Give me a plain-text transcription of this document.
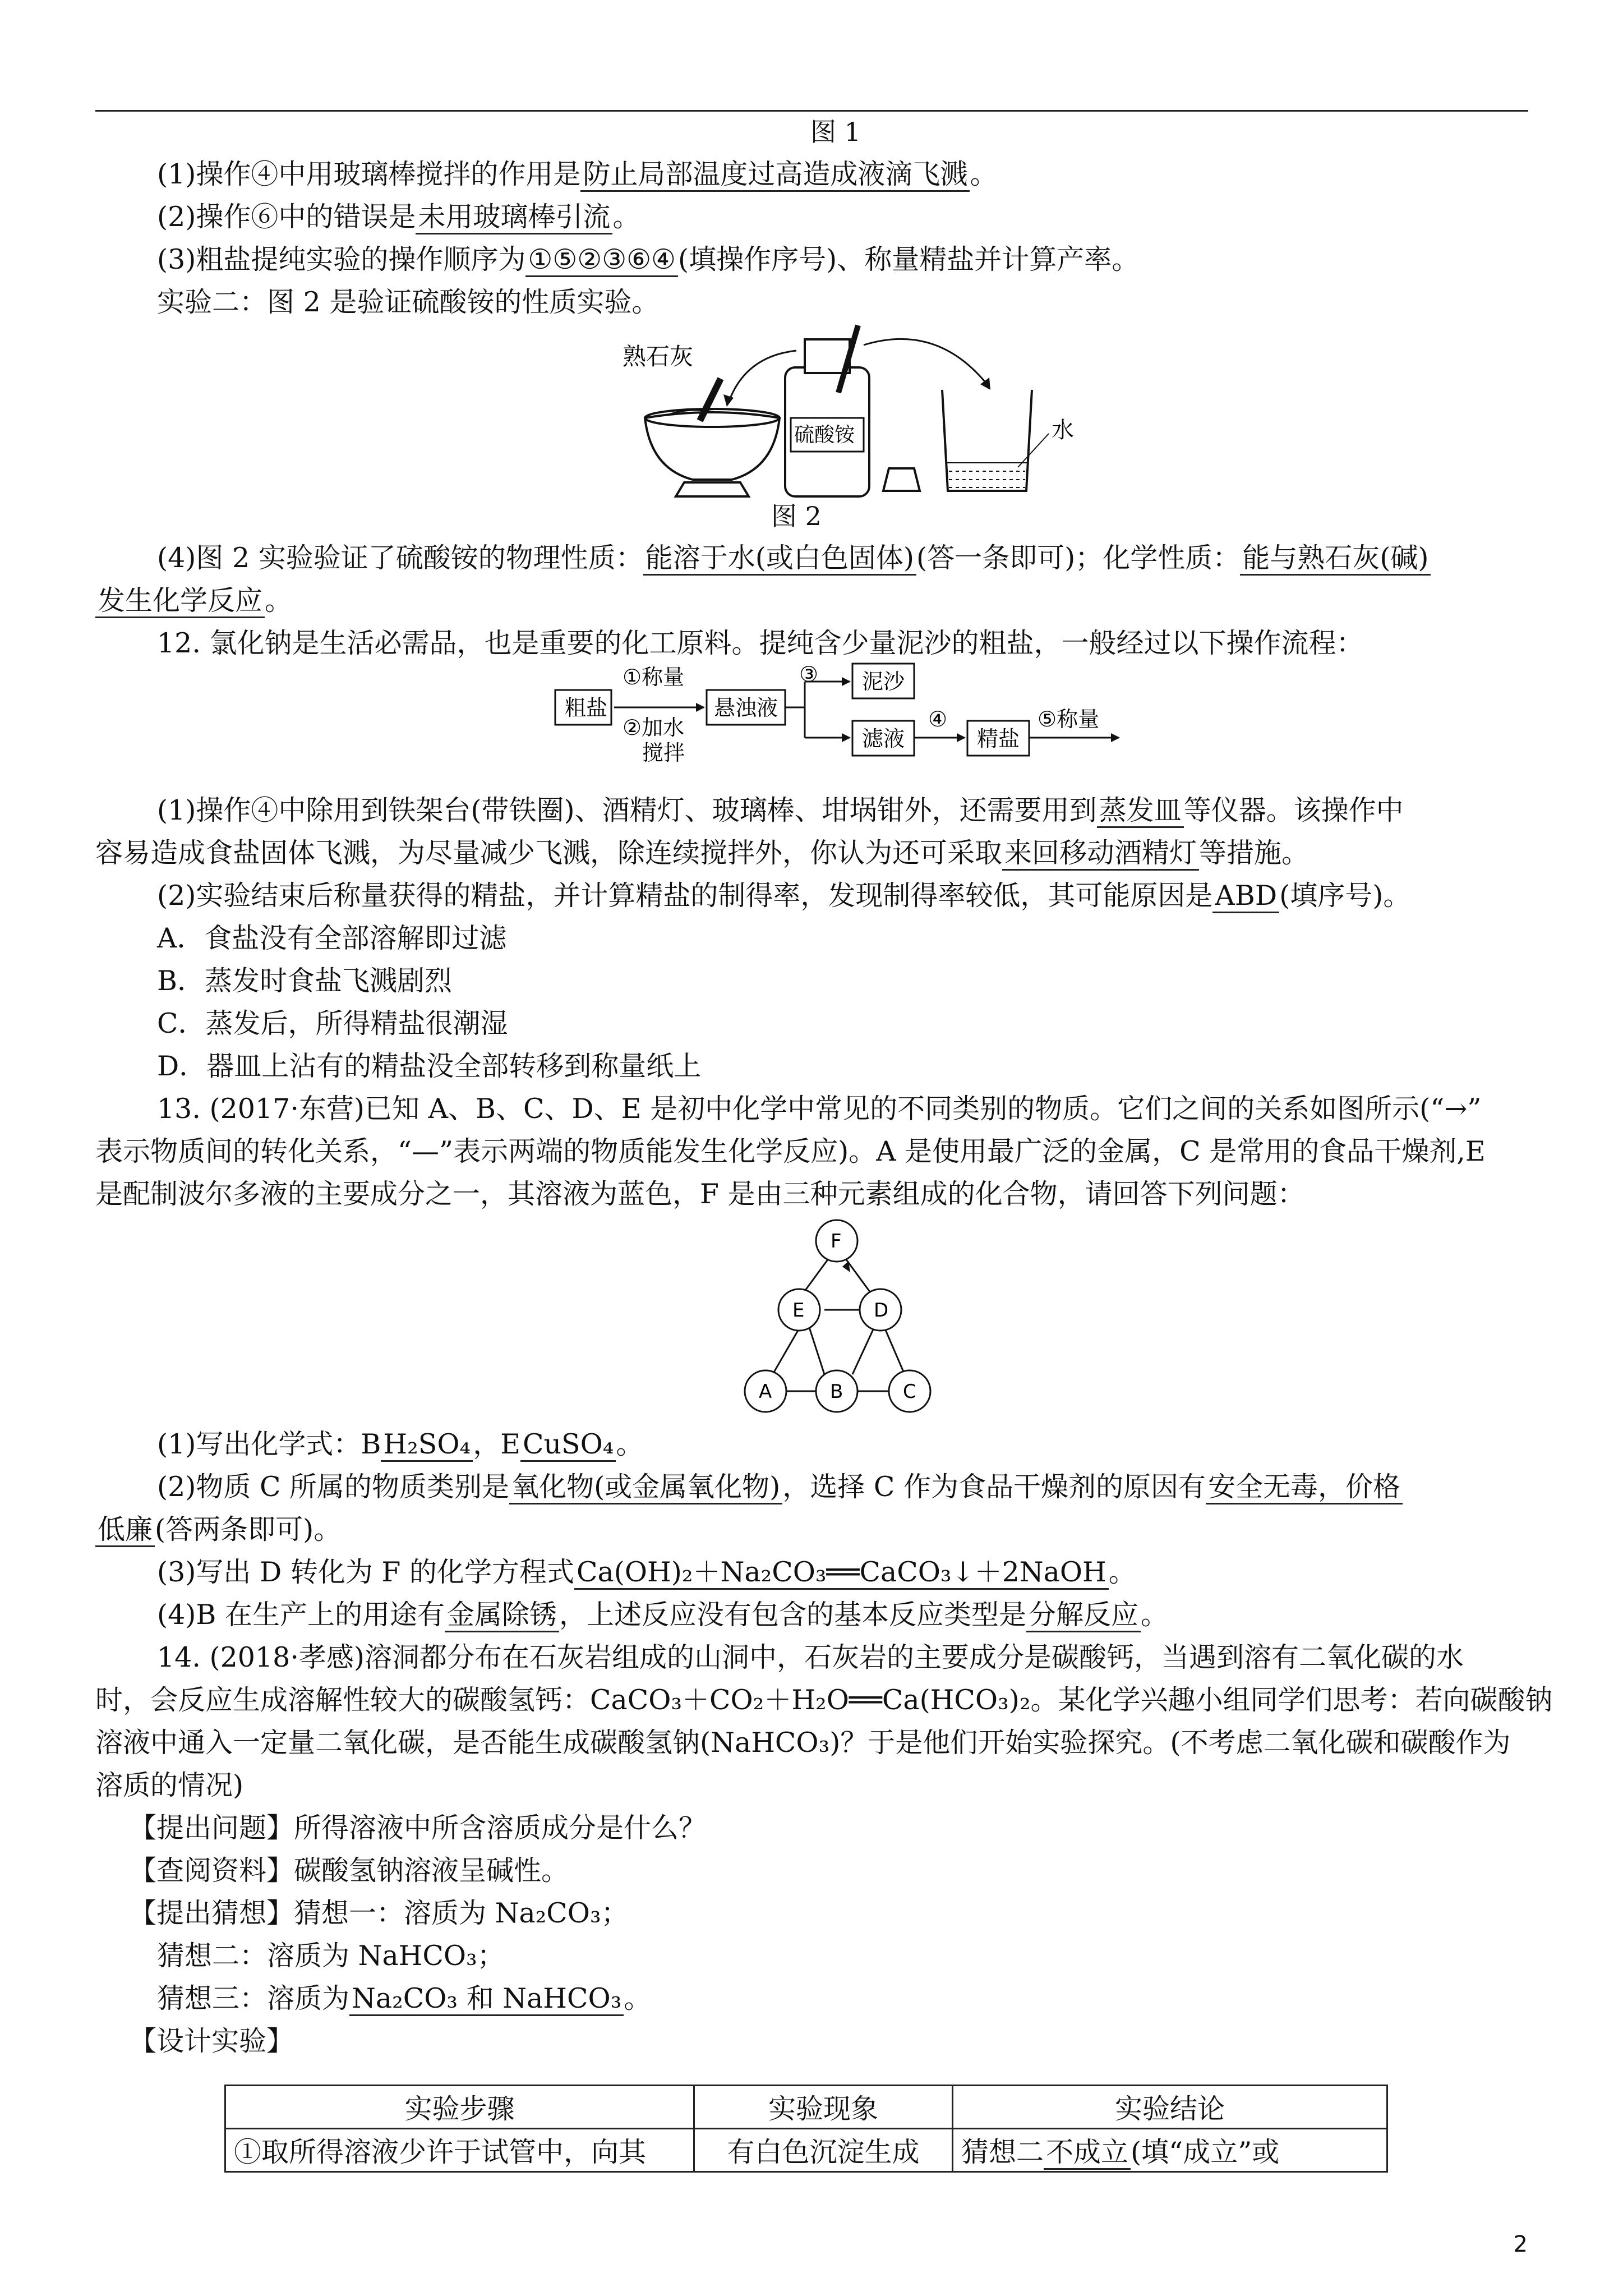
图 1
(1)操作④中用玻璃棒搅拌的作用是防止局部温度过高造成液滴飞溅。
(2)操作⑥中的错误是未用玻璃棒引流。
(3)粗盐提纯实验的操作顺序为①⑤②③⑥④(填操作序号)、称量精盐并计算产率。
实验二：图 2 是验证硫酸铵的性质实验。
熟石灰
硫酸铵	水
图 2
(4)图 2 实验验证了硫酸铵的物理性质：能溶于水(或白色固体)(答一条即可)；化学性质：能与熟石灰(碱)
发生化学反应。
12. 氯化钠是生活必需品，也是重要的化工原料。提纯含少量泥沙的粗盐，一般经过以下操作流程：
粗盐
①称量
②加水
搅拌
悬浊液
③ 泥沙
滤液
④
精盐
⑤称量
(1)操作④中除用到铁架台(带铁圈)、酒精灯、玻璃棒、坩埚钳外，还需要用到蒸发皿等仪器。该操作中
容易造成食盐固体飞溅，为尽量减少飞溅，除连续搅拌外，你认为还可采取来回移动酒精灯等措施。
(2)实验结束后称量获得的精盐，并计算精盐的制得率，发现制得率较低，其可能原因是ABD(填序号)。
A．食盐没有全部溶解即过滤
B．蒸发时食盐飞溅剧烈
C．蒸发后，所得精盐很潮湿
D．器皿上沾有的精盐没全部转移到称量纸上
13. (2017·东营)已知 A、B、C、D、E 是初中化学中常见的不同类别的物质。它们之间的关系如图所示(“→”
表示物质间的转化关系，“—”表示两端的物质能发生化学反应)。A 是使用最广泛的金属，C 是常用的食品干燥剂,E
是配制波尔多液的主要成分之一，其溶液为蓝色，F 是由三种元素组成的化合物，请回答下列问题：
F
E	D
A	B	C
(1)写出化学式：BH₂SO₄，ECuSO₄。
(2)物质 C 所属的物质类别是氧化物(或金属氧化物)，选择 C 作为食品干燥剂的原因有安全无毒，价格
低廉(答两条即可)。
(3)写出 D 转化为 F 的化学方程式Ca(OH)₂＋Na₂CO₃══CaCO₃↓＋2NaOH。
(4)B 在生产上的用途有金属除锈，上述反应没有包含的基本反应类型是分解反应。
14. (2018·孝感)溶洞都分布在石灰岩组成的山洞中，石灰岩的主要成分是碳酸钙，当遇到溶有二氧化碳的水
时，会反应生成溶解性较大的碳酸氢钙：CaCO₃＋CO₂＋H₂O══Ca(HCO₃)₂。某化学兴趣小组同学们思考：若向碳酸钠
溶液中通入一定量二氧化碳，是否能生成碳酸氢钠(NaHCO₃)？于是他们开始实验探究。(不考虑二氧化碳和碳酸作为
溶质的情况)
【提出问题】所得溶液中所含溶质成分是什么？
【查阅资料】碳酸氢钠溶液呈碱性。
【提出猜想】猜想一：溶质为 Na₂CO₃；
猜想二：溶质为 NaHCO₃；
猜想三：溶质为Na₂CO₃ 和 NaHCO₃。
【设计实验】
实验步骤	实验现象	实验结论
①取所得溶液少许于试管中，向其	有白色沉淀生成	猜想二不成立(填“成立”或
2
